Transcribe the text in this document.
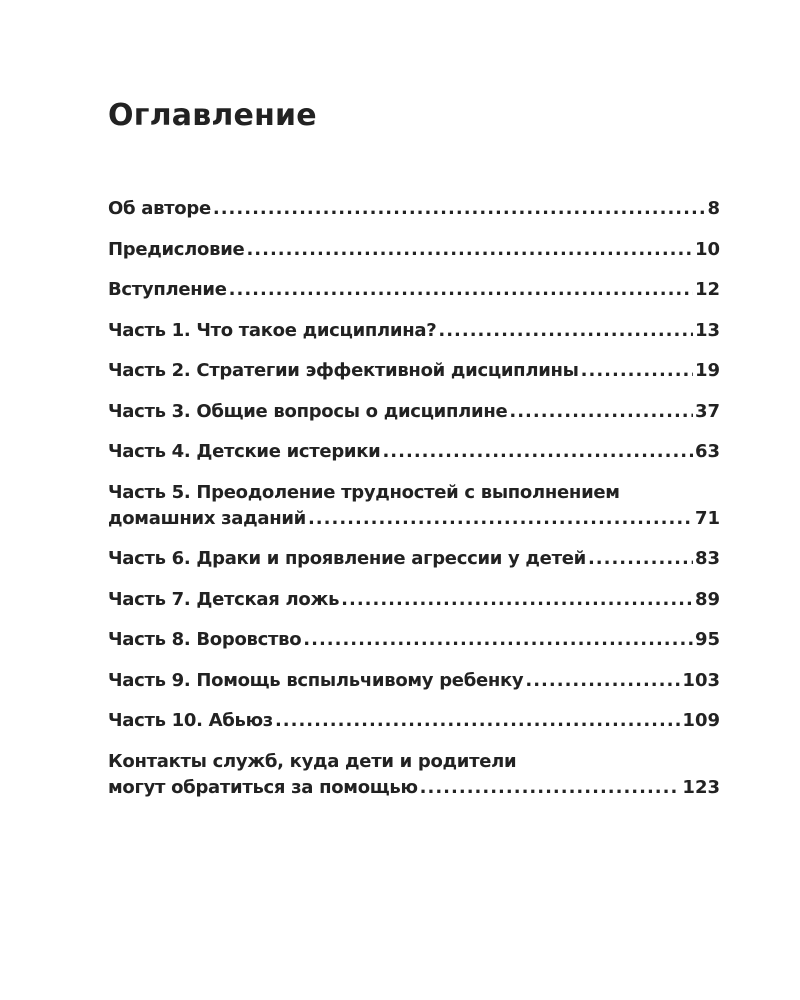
Оглавление
Об авторе .....	8
Предисловие .....	10
Вступление .....	12
Часть 1. Что такое дисциплина? .....	13
Часть 2. Стратегии эффективной дисциплины .....	19
Часть 3. Общие вопросы о дисциплине .....	37
Часть 4. Детские истерики .....	63
Часть 5. Преодоление трудностей с выполнением
домашних заданий .....	71
Часть 6. Драки и проявление агрессии у детей .....	83
Часть 7. Детская ложь .....	89
Часть 8. Воровство .....	95
Часть 9. Помощь вспыльчивому ребенку .....	103
Часть 10. Абьюз .....	109
Контакты служб, куда дети и родители
могут обратиться за помощью .....	123
